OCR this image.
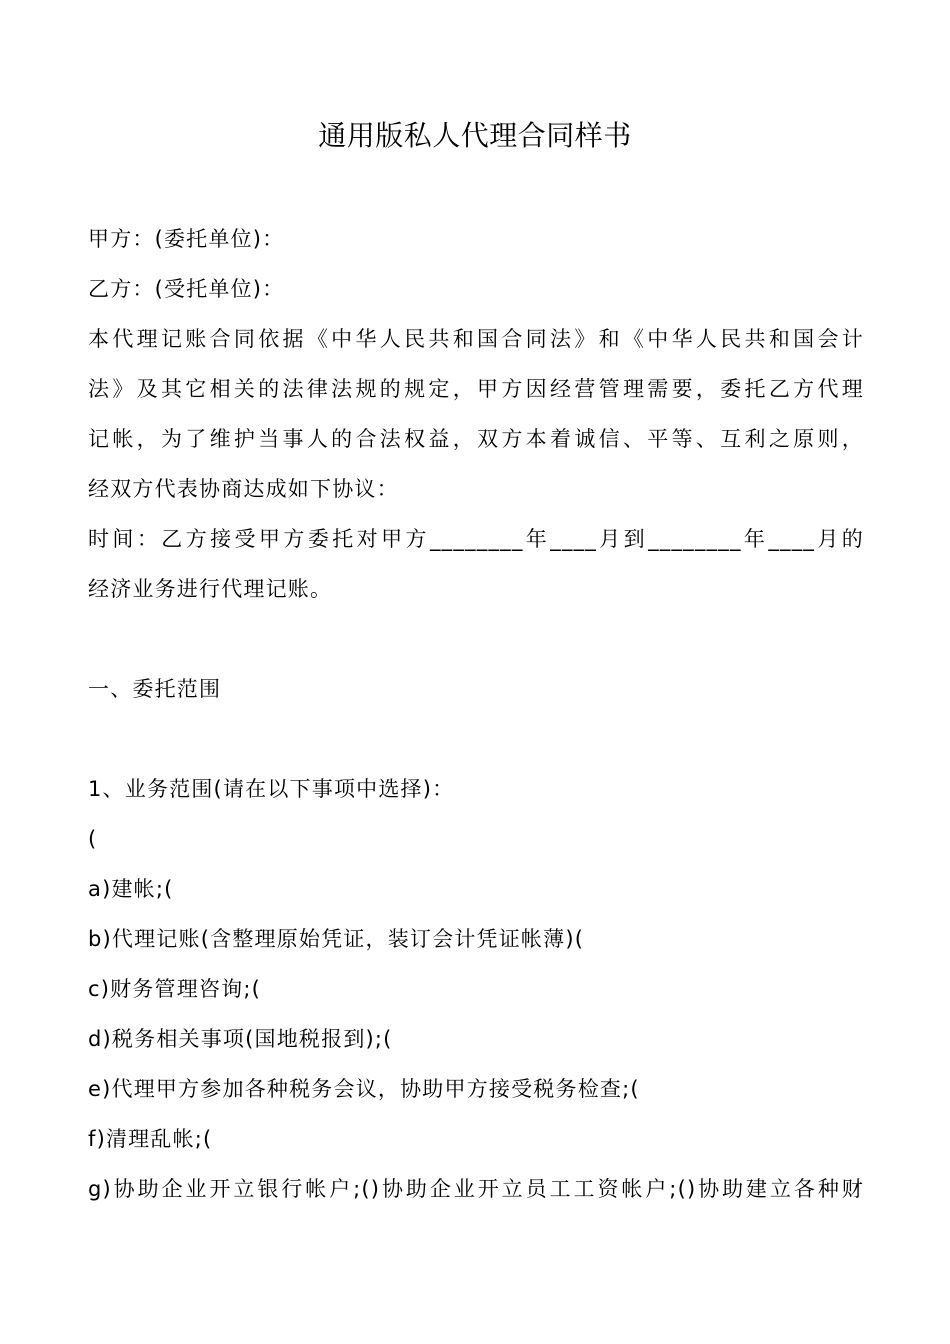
通用版私人代理合同样书
甲方：(委托单位)：
乙方：(受托单位)：
本代理记账合同依据《中华人民共和国合同法》和《中华人民共和国会计
法》及其它相关的法律法规的规定，甲方因经营管理需要，委托乙方代理
记帐，为了维护当事人的合法权益，双方本着诚信、平等、互利之原则，
经双方代表协商达成如下协议：
时间：乙方接受甲方委托对甲方________年____月到________年____月的
经济业务进行代理记账。
一、委托范围
1、业务范围(请在以下事项中选择)：
(
a)建帐;(
b)代理记账(含整理原始凭证，装订会计凭证帐薄)(
c)财务管理咨询;(
d)税务相关事项(国地税报到);(
e)代理甲方参加各种税务会议，协助甲方接受税务检查;(
f)清理乱帐;(
g)协助企业开立银行帐户;()协助企业开立员工工资帐户;()协助建立各种财
